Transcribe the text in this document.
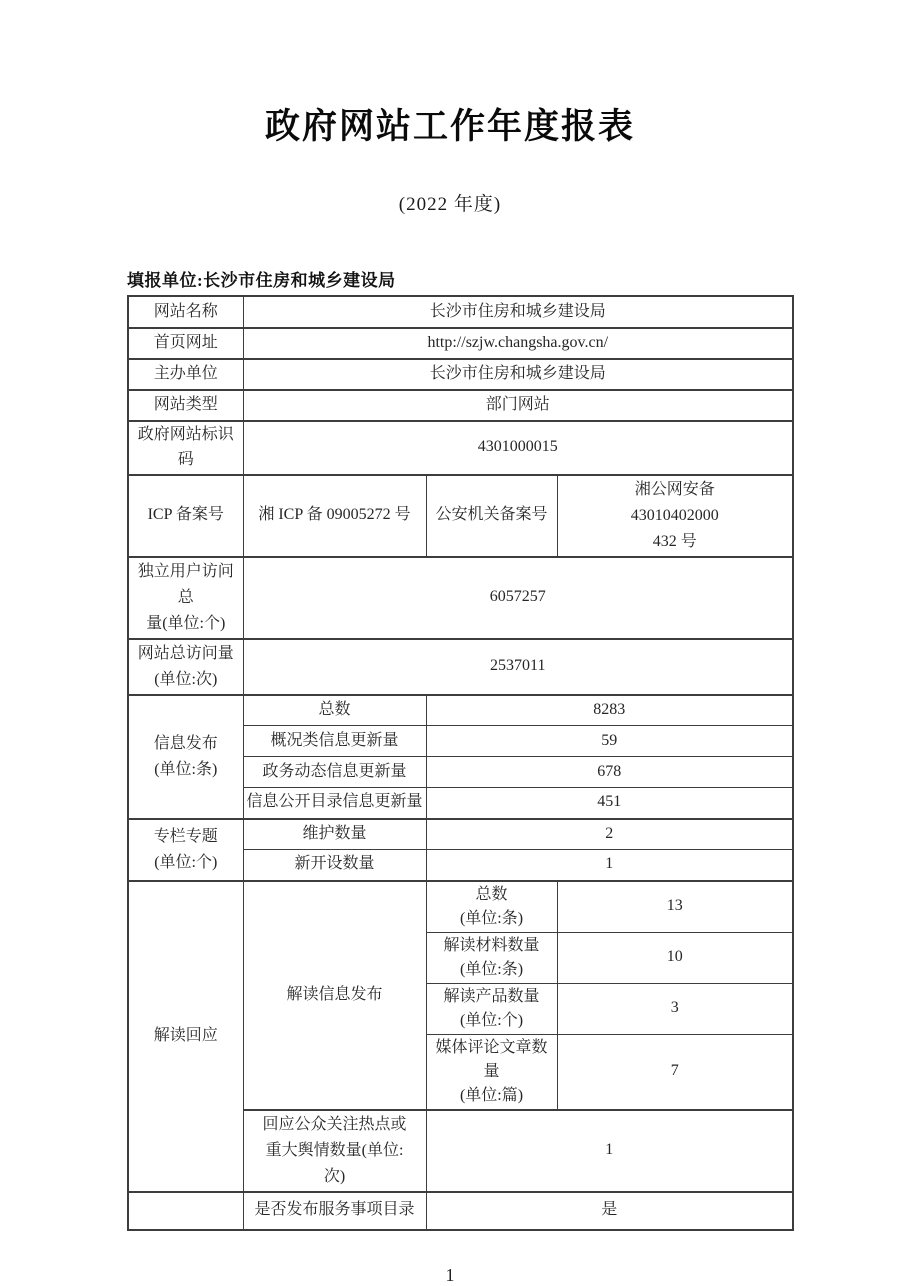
政府网站工作年度报表
(2022 年度)
填报单位:长沙市住房和城乡建设局
网站名称	长沙市住房和城乡建设局		
首页网址	http://szjw.changsha.gov.cn/		
主办单位	长沙市住房和城乡建设局		
网站类型	部门网站		
政府网站标识码	4301000015		
ICP 备案号	湘 ICP 备 09005272 号	公安机关备案号	湘公网安备
43010402000
432 号

独立用户访问总
量(单位:个)	6057257		

网站总访问量
(单位:次)	2537011		

信息发布
(单位:条)	总数	8283	
	概况类信息更新量	59	
	政务动态信息更新量	678	
	信息公开目录信息更新量	451	

专栏专题
(单位:个)	维护数量	2	
	新开设数量	1	
解读回应	解读信息发布	总数
(单位:条)	13

		解读材料数量
(单位:条)	10

		解读产品数量
(单位:个)	3

		媒体评论文章数量
(单位:篇)	7

	回应公众关注热点或
重大舆情数量(单位:
次)	1	
	是否发布服务事项目录	是	
1
